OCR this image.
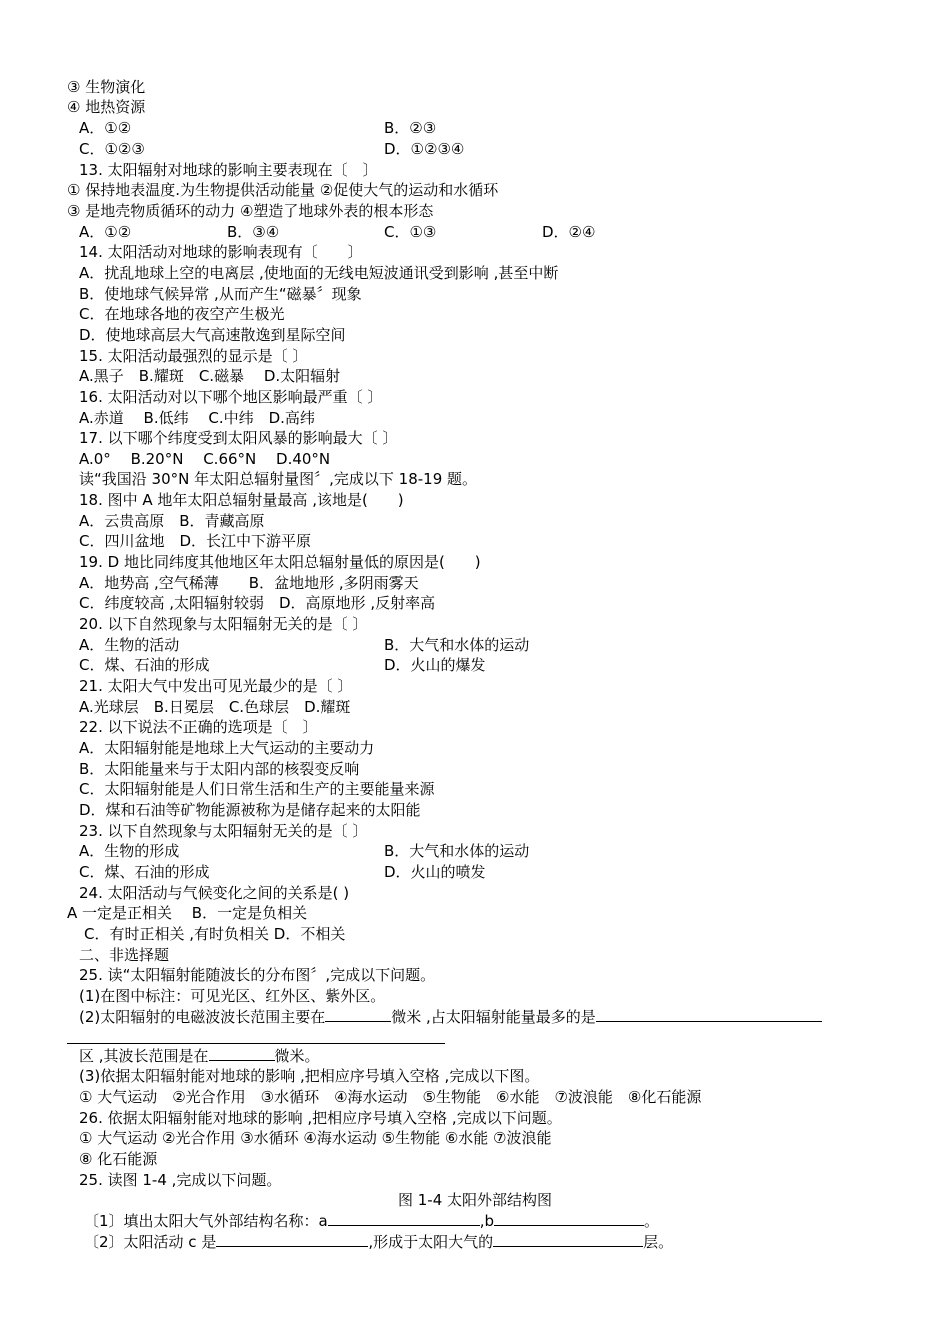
③ 生物演化
④ 地热资源
A．①②	B．②③
C．①②③	D．①②③④
13. 太阳辐射对地球的影响主要表现在〔　〕
① 保持地表温度.为生物提供活动能量 ②促使大气的运动和水循环
③ 是地壳物质循环的动力 ④塑造了地球外表的根本形态
A．①②	B．③④	C．①③	D．②④
14. 太阳活动对地球的影响表现有〔　　〕
A．扰乱地球上空的电离层 ,使地面的无线电短波通讯受到影响 ,甚至中断
B．使地球气候异常 ,从而产生“磁暴〞现象
C．在地球各地的夜空产生极光
D．使地球高层大气高速散逸到星际空间
15. 太阳活动最强烈的显示是〔 〕
A.黑子　B.耀斑　C.磁暴　 D.太阳辐射
16. 太阳活动对以下哪个地区影响最严重〔 〕
A.赤道　 B.低纬　 C.中纬　D.高纬
17. 以下哪个纬度受到太阳风暴的影响最大〔 〕
A.0°　 B.20°N　 C.66°N　 D.40°N
读“我国沿 30°N 年太阳总辐射量图〞,完成以下 18-19 题。
18. 图中 A 地年太阳总辐射量最高 ,该地是(　　)
A．云贵高原　B．青藏高原
C．四川盆地　D．长江中下游平原
19. D 地比同纬度其他地区年太阳总辐射量低的原因是(　　)
A．地势高 ,空气稀薄　　B．盆地地形 ,多阴雨雾天
C．纬度较高 ,太阳辐射较弱　D．高原地形 ,反射率高
20. 以下自然现象与太阳辐射无关的是〔 〕
A．生物的活动	B．大气和水体的运动
C．煤、石油的形成	D．火山的爆发
21. 太阳大气中发出可见光最少的是〔 〕
A.光球层　B.日冕层　C.色球层　D.耀斑
22. 以下说法不正确的选项是〔　〕
A．太阳辐射能是地球上大气运动的主要动力
B．太阳能量来与于太阳内部的核裂变反响
C．太阳辐射能是人们日常生活和生产的主要能量来源
D．煤和石油等矿物能源被称为是储存起来的太阳能
23. 以下自然现象与太阳辐射无关的是〔 〕
A．生物的形成	B．大气和水体的运动
C．煤、石油的形成	D．火山的喷发
24. 太阳活动与气候变化之间的关系是( )
A 一定是正相关　 B．一定是负相关
C．有时正相关 ,有时负相关 D．不相关
二、非选择题
25. 读“太阳辐射能随波长的分布图〞,完成以下问题。
(1)在图中标注：可见光区、红外区、紫外区。
(2)太阳辐射的电磁波波长范围主要在	微米 ,占太阳辐射能量最多的是
区 ,其波长范围是在	微米。
(3)依据太阳辐射能对地球的影响 ,把相应序号填入空格 ,完成以下图。
① 大气运动　②光合作用　③水循环　④海水运动　⑤生物能　⑥水能　⑦波浪能　⑧化石能源
26. 依据太阳辐射能对地球的影响 ,把相应序号填入空格 ,完成以下问题。
① 大气运动 ②光合作用 ③水循环 ④海水运动 ⑤生物能 ⑥水能 ⑦波浪能
⑧ 化石能源
25. 读图 1-4 ,完成以下问题。
图 1-4 太阳外部结构图
〔1〕填出太阳大气外部结构名称：a	,b	。
〔2〕太阳活动 c 是	,形成于太阳大气的	层。
